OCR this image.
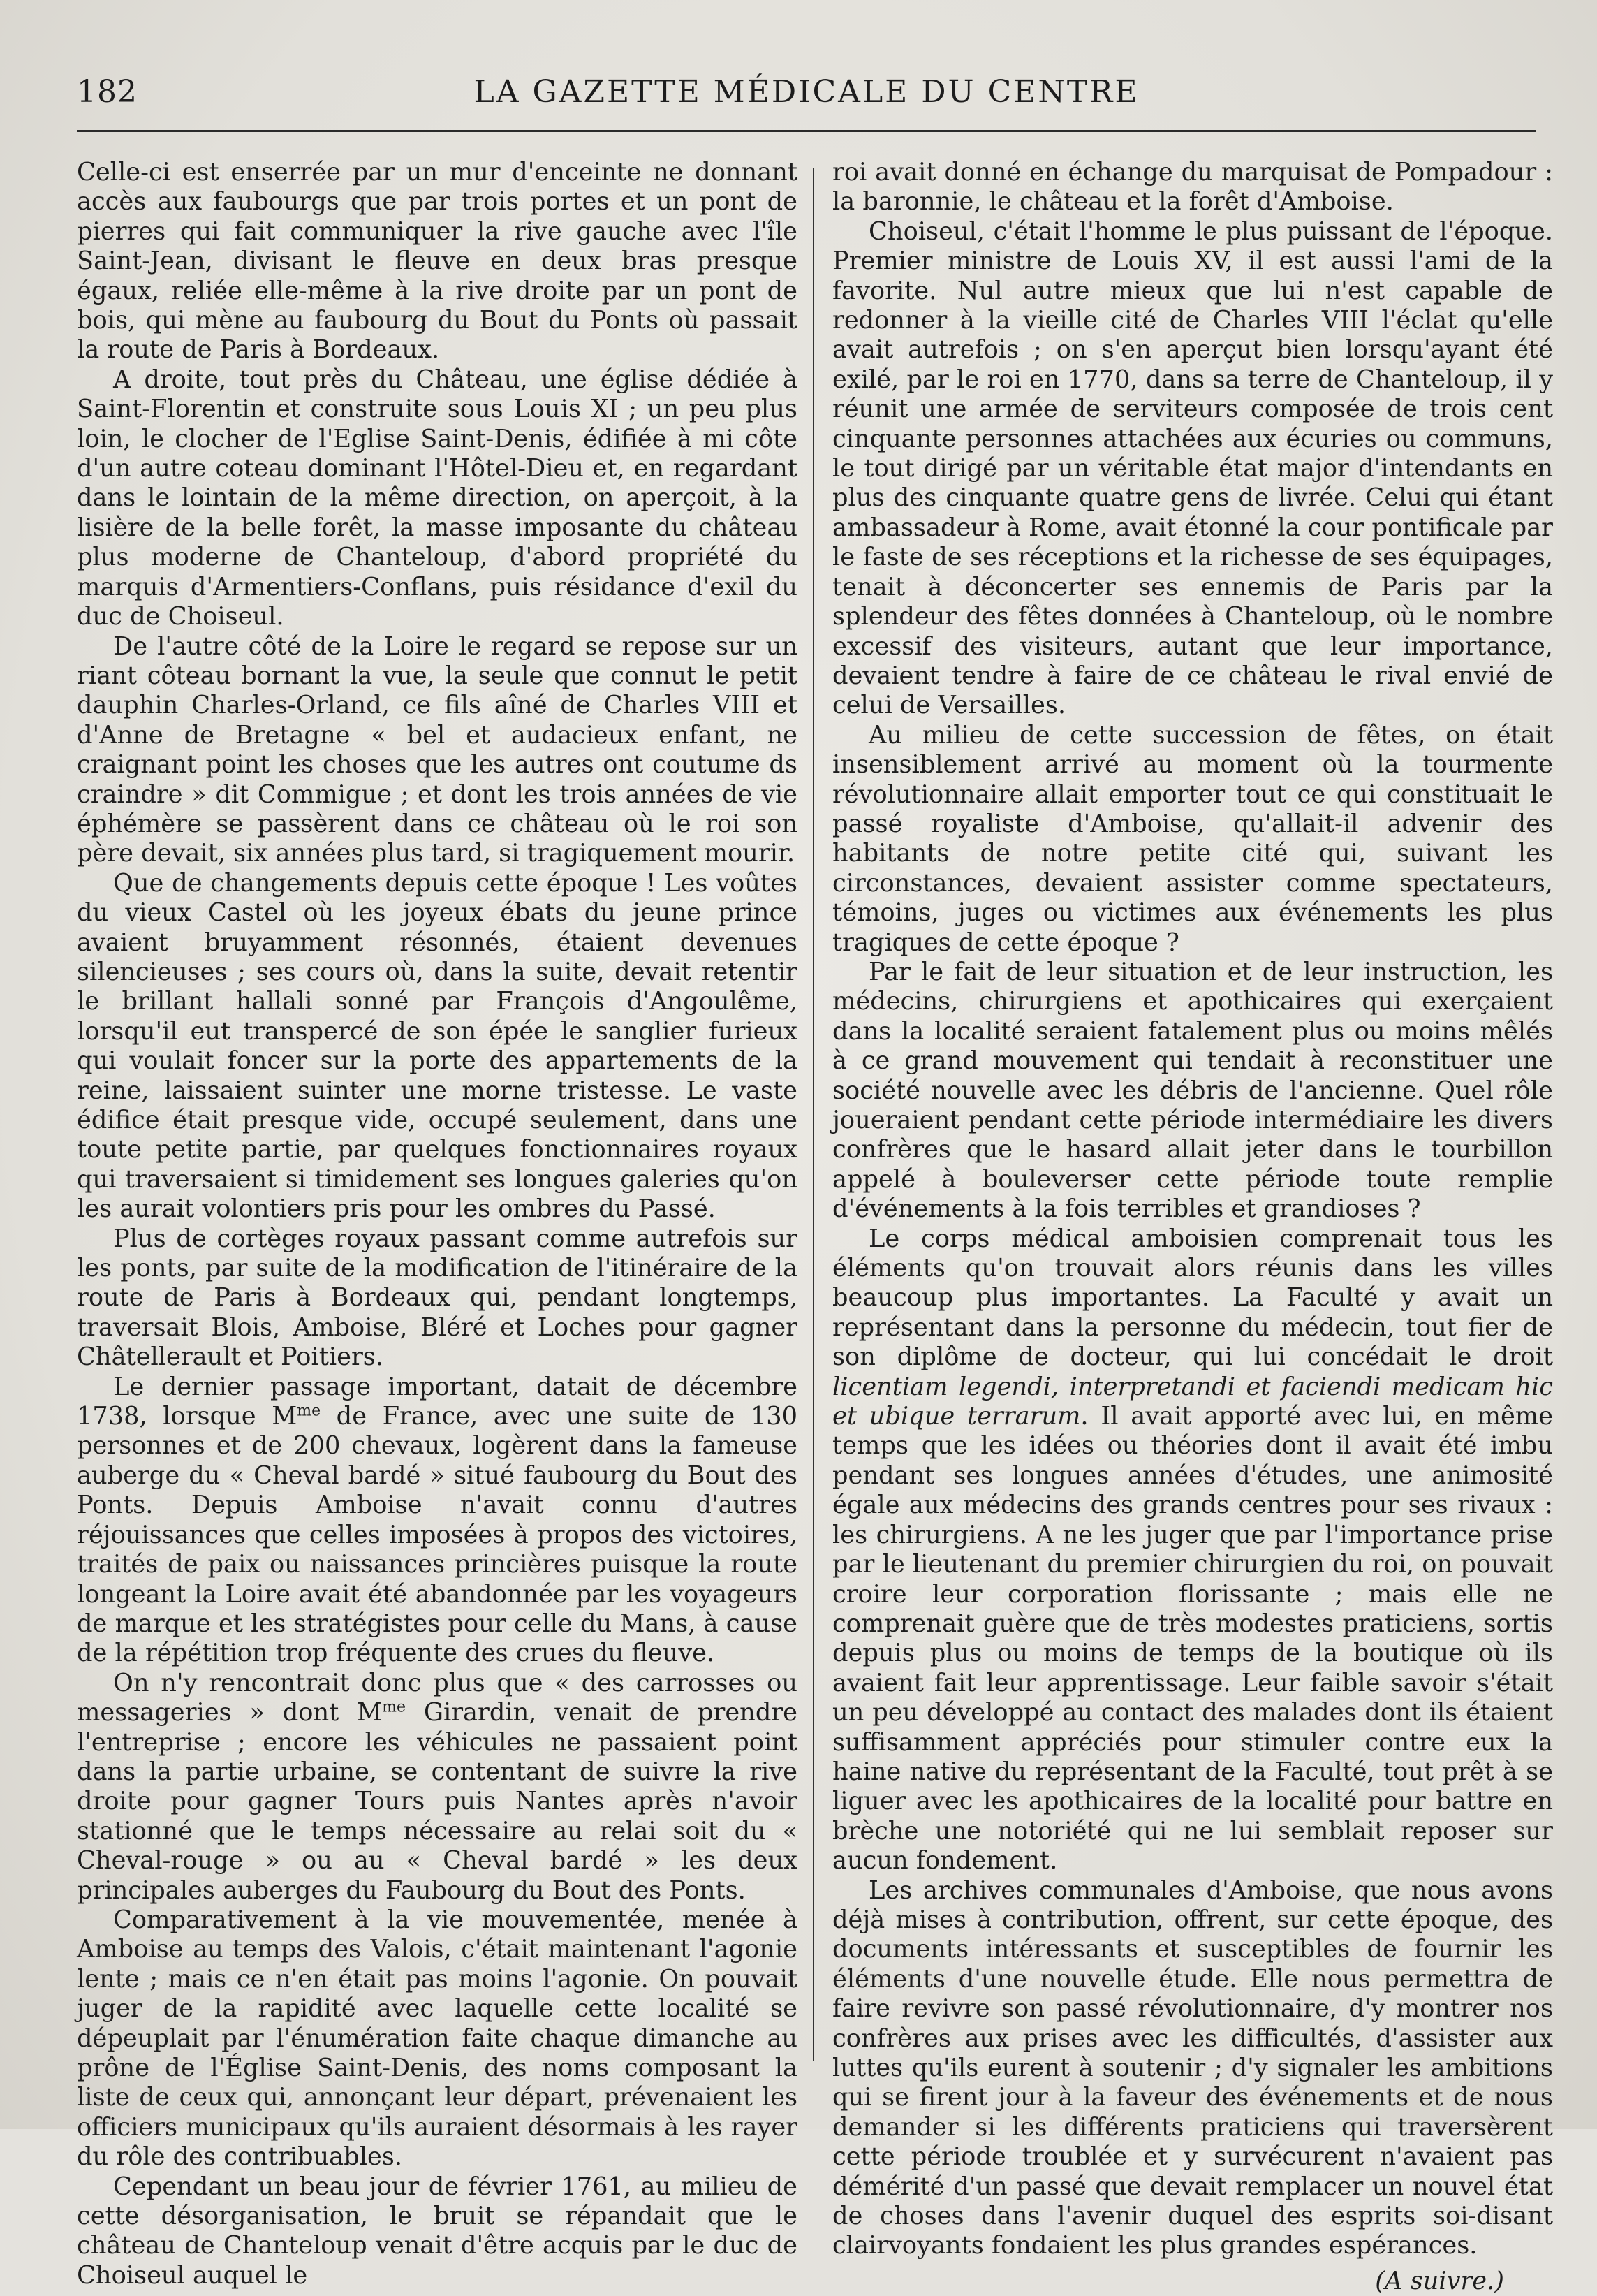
182	LA GAZETTE MÉDICALE DU CENTRE

Celle-ci est enserrée par un mur d'enceinte ne donnant accès aux faubourgs que par trois portes et un pont de pierres qui fait communiquer la rive gauche avec l'île Saint-Jean, divisant le fleuve en deux bras presque égaux, reliée elle-même à la rive droite par un pont de bois, qui mène au faubourg du Bout du Ponts où passait la route de Paris à Bordeaux.

A droite, tout près du Château, une église dédiée à Saint-Florentin et construite sous Louis XI ; un peu plus loin, le clocher de l'Eglise Saint-Denis, édifiée à mi côte d'un autre coteau dominant l'Hôtel-Dieu et, en regardant dans le lointain de la même direction, on aperçoit, à la lisière de la belle forêt, la masse imposante du château plus moderne de Chanteloup, d'abord propriété du marquis d'Armentiers-Conflans, puis résidance d'exil du duc de Choiseul.

De l'autre côté de la Loire le regard se repose sur un riant côteau bornant la vue, la seule que connut le petit dauphin Charles-Orland, ce fils aîné de Charles VIII et d'Anne de Bretagne « bel et audacieux enfant, ne craignant point les choses que les autres ont coutume ds craindre » dit Commigue ; et dont les trois années de vie éphémère se passèrent dans ce château où le roi son père devait, six années plus tard, si tragiquement mourir.

Que de changements depuis cette époque ! Les voûtes du vieux Castel où les joyeux ébats du jeune prince avaient bruyamment résonnés, étaient devenues silencieuses ; ses cours où, dans la suite, devait retentir le brillant hallali sonné par François d'Angoulême, lorsqu'il eut transpercé de son épée le sanglier furieux qui voulait foncer sur la porte des appartements de la reine, laissaient suinter une morne tristesse. Le vaste édifice était presque vide, occupé seulement, dans une toute petite partie, par quelques fonctionnaires royaux qui traversaient si timidement ses longues galeries qu'on les aurait volontiers pris pour les ombres du Passé.

Plus de cortèges royaux passant comme autrefois sur les ponts, par suite de la modification de l'itinéraire de la route de Paris à Bordeaux qui, pendant longtemps, traversait Blois, Amboise, Bléré et Loches pour gagner Châtellerault et Poitiers.

Le dernier passage important, datait de décembre 1738, lorsque $M^{me}$ de France, avec une suite de 130 personnes et de 200 chevaux, logèrent dans la fameuse auberge du « Cheval bardé » situé faubourg du Bout des Ponts. Depuis Amboise n'avait connu d'autres réjouissances que celles imposées à propos des victoires, traités de paix ou naissances princières puisque la route longeant la Loire avait été abandonnée par les voyageurs de marque et les stratégistes pour celle du Mans, à cause de la répétition trop fréquente des crues du fleuve.

On n'y rencontrait donc plus que « des carrosses ou messageries » dont $M^{me}$ Girardin, venait de prendre l'entreprise ; encore les véhicules ne passaient point dans la partie urbaine, se contentant de suivre la rive droite pour gagner Tours puis Nantes après n'avoir stationné que le temps nécessaire au relai soit du « Cheval-rouge » ou au « Cheval bardé » les deux principales auberges du Faubourg du Bout des Ponts.

Comparativement à la vie mouvementée, menée à Amboise au temps des Valois, c'était maintenant l'agonie lente ; mais ce n'en était pas moins l'agonie. On pouvait juger de la rapidité avec laquelle cette localité se dépeuplait par l'énumération faite chaque dimanche au prône de l'Église Saint-Denis, des noms composant la liste de ceux qui, annonçant leur départ, prévenaient les officiers municipaux qu'ils auraient désormais à les rayer du rôle des contribuables.

Cependant un beau jour de février 1761, au milieu de cette désorganisation, le bruit se répandait que le château de Chanteloup venait d'être acquis par le duc de Choiseul auquel le

roi avait donné en échange du marquisat de Pompadour : la baronnie, le château et la forêt d'Amboise.

Choiseul, c'était l'homme le plus puissant de l'époque. Premier ministre de Louis XV, il est aussi l'ami de la favorite. Nul autre mieux que lui n'est capable de redonner à la vieille cité de Charles VIII l'éclat qu'elle avait autrefois ; on s'en aperçut bien lorsqu'ayant été exilé, par le roi en 1770, dans sa terre de Chanteloup, il y réunit une armée de serviteurs composée de trois cent cinquante personnes attachées aux écuries ou communs, le tout dirigé par un véritable état major d'intendants en plus des cinquante quatre gens de livrée. Celui qui étant ambassadeur à Rome, avait étonné la cour pontificale par le faste de ses réceptions et la richesse de ses équipages, tenait à déconcerter ses ennemis de Paris par la splendeur des fêtes données à Chanteloup, où le nombre excessif des visiteurs, autant que leur importance, devaient tendre à faire de ce château le rival envié de celui de Versailles.

Au milieu de cette succession de fêtes, on était insensiblement arrivé au moment où la tourmente révolutionnaire allait emporter tout ce qui constituait le passé royaliste d'Amboise, qu'allait-il advenir des habitants de notre petite cité qui, suivant les circonstances, devaient assister comme spectateurs, témoins, juges ou victimes aux événements les plus tragiques de cette époque ?

Par le fait de leur situation et de leur instruction, les médecins, chirurgiens et apothicaires qui exerçaient dans la localité seraient fatalement plus ou moins mêlés à ce grand mouvement qui tendait à reconstituer une société nouvelle avec les débris de l'ancienne. Quel rôle joueraient pendant cette période intermédiaire les divers confrères que le hasard allait jeter dans le tourbillon appelé à bouleverser cette période toute remplie d'événements à la fois terribles et grandioses ?

Le corps médical amboisien comprenait tous les éléments qu'on trouvait alors réunis dans les villes beaucoup plus importantes. La Faculté y avait un représentant dans la personne du médecin, tout fier de son diplôme de docteur, qui lui concédait le droit licentiam legendi, interpretandi et faciendi medicam hic et ubique terrarum. Il avait apporté avec lui, en même temps que les idées ou théories dont il avait été imbu pendant ses longues années d'études, une animosité égale aux médecins des grands centres pour ses rivaux : les chirurgiens. A ne les juger que par l'importance prise par le lieutenant du premier chirurgien du roi, on pouvait croire leur corporation florissante ; mais elle ne comprenait guère que de très modestes praticiens, sortis depuis plus ou moins de temps de la boutique où ils avaient fait leur apprentissage. Leur faible savoir s'était un peu développé au contact des malades dont ils étaient suffisamment appréciés pour stimuler contre eux la haine native du représentant de la Faculté, tout prêt à se liguer avec les apothicaires de la localité pour battre en brèche une notoriété qui ne lui semblait reposer sur aucun fondement.

Les archives communales d'Amboise, que nous avons déjà mises à contribution, offrent, sur cette époque, des documents intéressants et susceptibles de fournir les éléments d'une nouvelle étude. Elle nous permettra de faire revivre son passé révolutionnaire, d'y montrer nos confrères aux prises avec les difficultés, d'assister aux luttes qu'ils eurent à soutenir ; d'y signaler les ambitions qui se firent jour à la faveur des événements et de nous demander si les différents praticiens qui traversèrent cette période troublée et y survécurent n'avaient pas démérité d'un passé que devait remplacer un nouvel état de choses dans l'avenir duquel des esprits soi-disant clairvoyants fondaient les plus grandes espérances.

(A suivre.)
